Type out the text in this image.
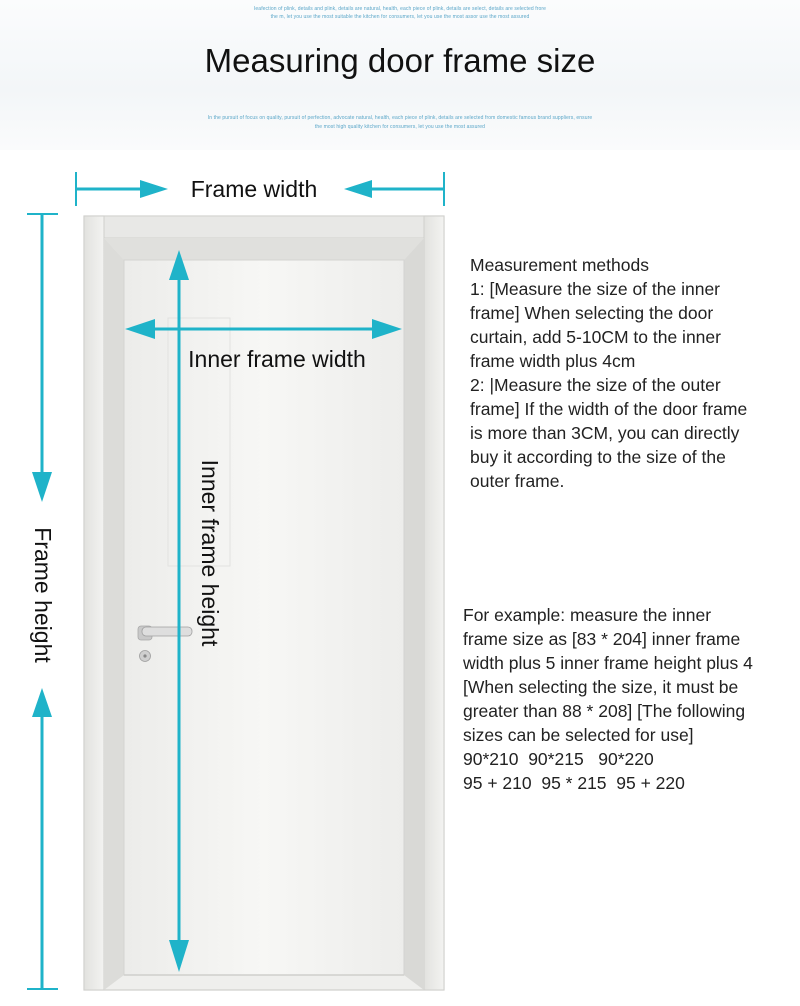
Ieafection of plink, details and plink, details are natural, health, each piece of plink, details are select, details are selected frore
the m, let you use the most suitable the kitchen for consumers, let you use the most assor use the most assured
Measuring door frame size
In the pursuit of focus on quality, pursuit of perfection, advocate natural, health, each piece of plink, details are selected from domestic famous brand suppliers, ensure
the most high quality kitchen for consumers, let you use the most assured
Frame width
Frame height
Inner frame width
Inner frame height
Measurement methods
1: [Measure the size of the inner
frame] When selecting the door
curtain, add 5-10CM to the inner
frame width plus 4cm
2: |Measure the size of the outer
frame] If the width of the door frame
is more than 3CM, you can directly
buy it according to the size of the
outer frame.
For example: measure the inner
frame size as [83 * 204] inner frame
width plus 5 inner frame height plus 4
[When selecting the size, it must be
greater than 88 * 208] [The following
sizes can be selected for use]
90*210  90*215   90*220
95 + 210  95 * 215  95 + 220
